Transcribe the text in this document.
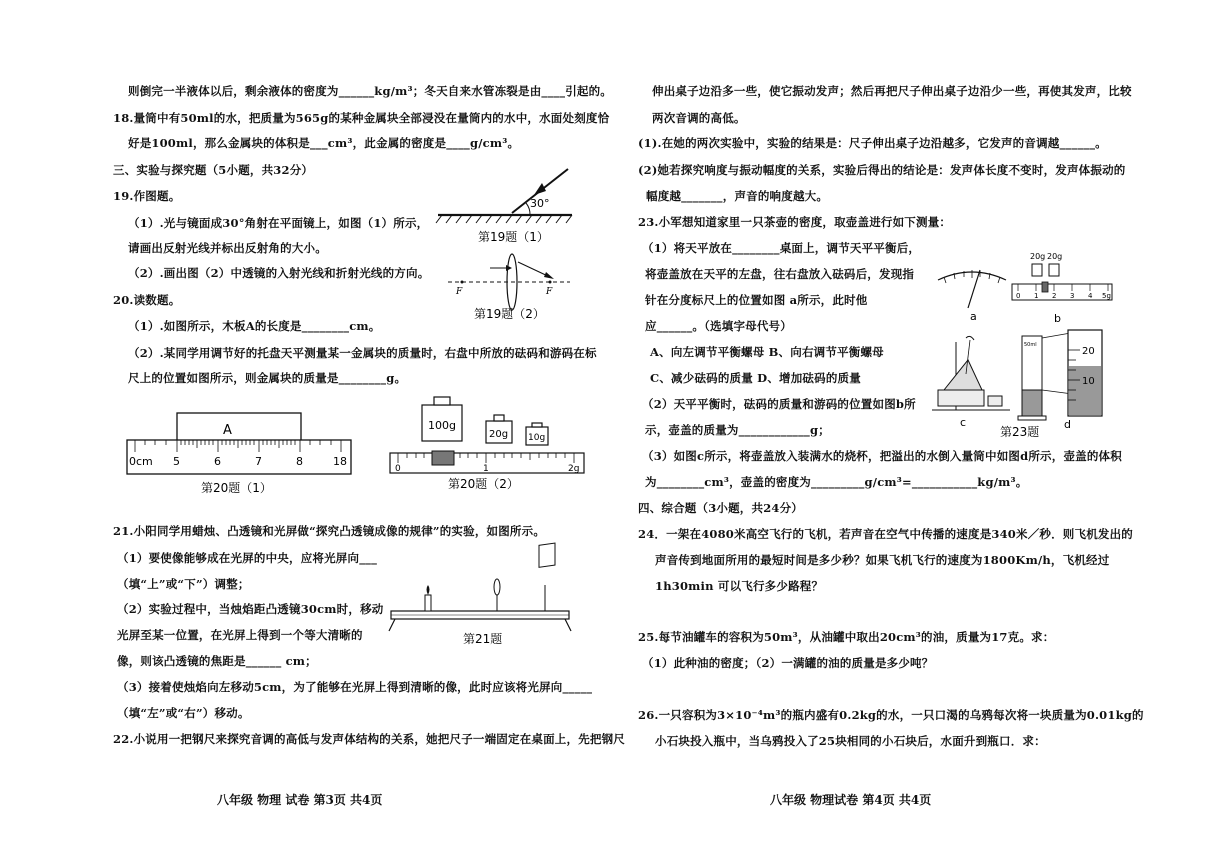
则倒完一半液体以后，剩余液体的密度为______kg/m³；冬天自来水管冻裂是由____引起的。
18.量筒中有50ml的水，把质量为565g的某种金属块全部浸没在量筒内的水中，水面处刻度恰
好是100ml，那么金属块的体积是___cm³，此金属的密度是____g/cm³。
三、实验与探究题（5小题，共32分）
19.作图题。
（1）.光与镜面成30°角射在平面镜上，如图（1）所示，
请画出反射光线并标出反射角的大小。
（2）.画出图（2）中透镜的入射光线和折射光线的方向。
20.读数题。
（1）.如图所示，木板A的长度是________cm。
（2）.某同学用调节好的托盘天平测量某一金属块的质量时，右盘中所放的砝码和游码在标
尺上的位置如图所示，则金属块的质量是________g。
21.小阳同学用蜡烛、凸透镜和光屏做“探究凸透镜成像的规律”的实验，如图所示。
（1）要使像能够成在光屏的中央，应将光屏向___
（填“上”或“下”）调整；
（2）实验过程中，当烛焰距凸透镜30cm时，移动
光屏至某一位置，在光屏上得到一个等大清晰的
像，则该凸透镜的焦距是______ cm；
（3）接着使烛焰向左移动5cm，为了能够在光屏上得到清晰的像，此时应该将光屏向_____
（填“左”或“右”）移动。
22.小说用一把钢尺来探究音调的高低与发声体结构的关系，她把尺子一端固定在桌面上，先把钢尺
30°
第19题（1）
F	F
第19题（2）
A
0cm 5	6	7	8	18
第20题（1）
100g
20g 10g
0	1	2g
第20题（2）
第21题
八年级 物理 试卷 第3页 共4页
伸出桌子边沿多一些，使它振动发声；然后再把尺子伸出桌子边沿少一些，再使其发声，比较
两次音调的高低。
(1).在她的两次实验中，实验的结果是：尺子伸出桌子边沿越多，它发声的音调越______。
(2)她若探究响度与振动幅度的关系，实验后得出的结论是：发声体长度不变时，发声体振动的
幅度越_______，声音的响度越大。
23.小军想知道家里一只茶壶的密度，取壶盖进行如下测量：
（1）将天平放在________桌面上，调节天平平衡后，
将壶盖放在天平的左盘，往右盘放入砝码后，发现指
针在分度标尺上的位置如图 a所示，此时他
应______。（选填字母代号）
A、向左调节平衡螺母 B、向右调节平衡螺母
C、减少砝码的质量 D、增加砝码的质量
（2）天平平衡时，砝码的质量和游码的位置如图b所
示，壶盖的质量为____________g；
（3）如图c所示，将壶盖放入装满水的烧杯，把溢出的水倒入量筒中如图d所示，壶盖的体积
为________cm³，壶盖的密度为_________g/cm³=___________kg/m³。
四、综合题（3小题，共24分）
24．一架在4080米高空飞行的飞机，若声音在空气中传播的速度是340米／秒．则飞机发出的
声音传到地面所用的最短时间是多少秒？如果飞机飞行的速度为1800Km/h，飞机经过
1h30min 可以飞行多少路程？
25.每节油罐车的容积为50m³，从油罐中取出20cm³的油，质量为17克。求：
（1）此种油的密度；（2）一满罐的油的质量是多少吨？
26.一只容积为3×10⁻⁴m³的瓶内盛有0.2kg的水，一只口渴的乌鸦每次将一块质量为0.01kg的
小石块投入瓶中，当乌鸦投入了25块相同的小石块后，水面升到瓶口．求：
a
20g 20g
0 1 2 3 4 5g
b
c
50ml
20
10
d
第23题
八年级 物理试卷 第4页 共4页
